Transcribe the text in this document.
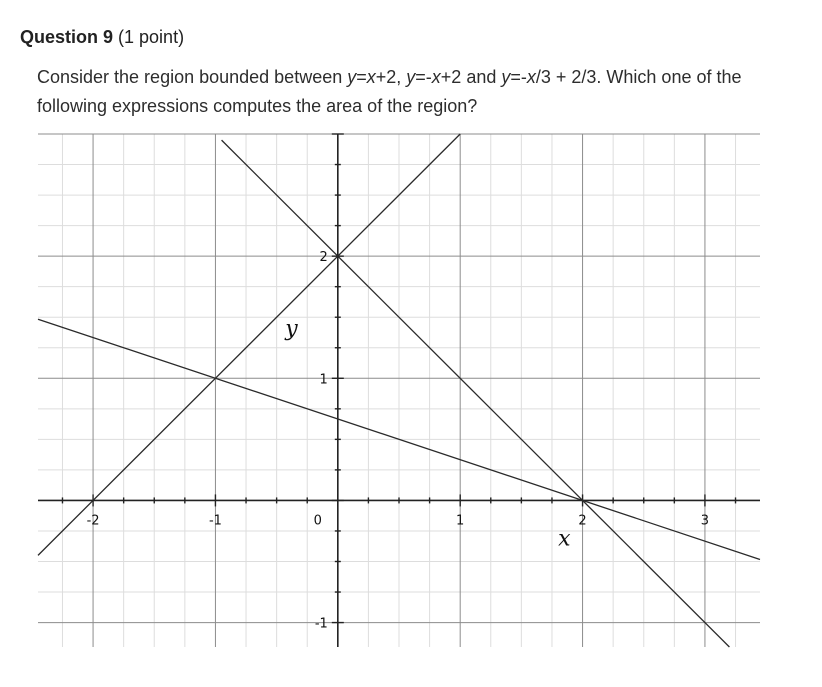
Question 9 (1 point)
Consider the region bounded between y=x+2, y=-x+2 and y=-x/3 + 2/3. Which one of the following expressions computes the area of the region?
-2	-1	0	1	2	3
-1
1
2
x
y
